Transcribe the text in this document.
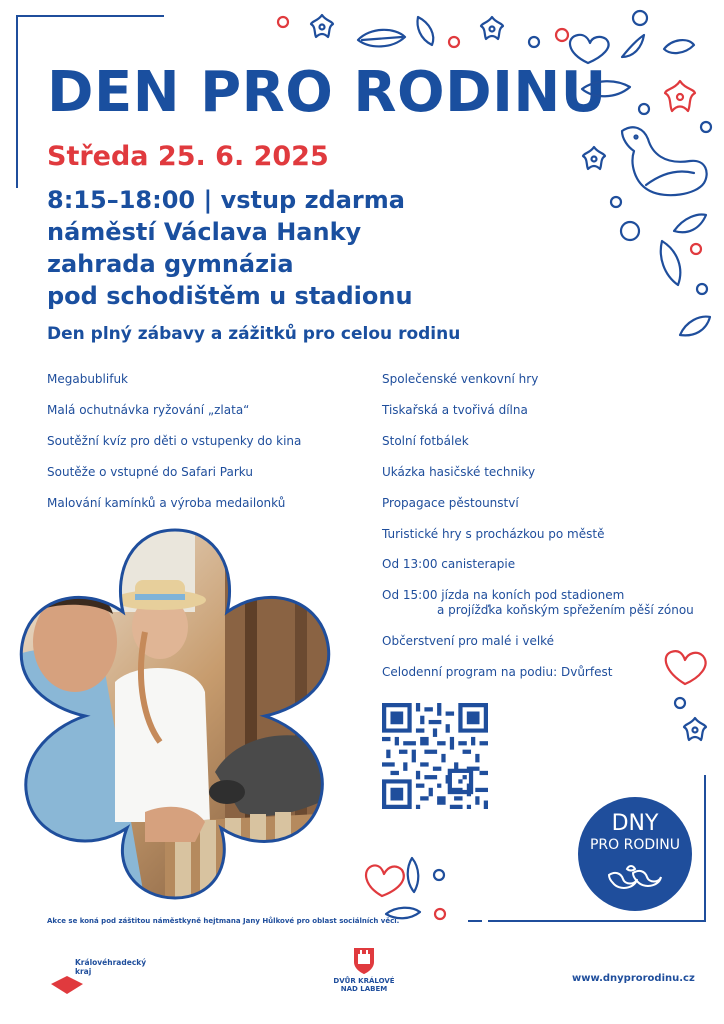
DEN PRO RODINU
Středa 25. 6. 2025
8:15–18:00 | vstup zdarma
náměstí Václava Hanky
zahrada gymnázia
pod schodištěm u stadionu
Den plný zábavy a zážitků pro celou rodinu
Megabublifuk
Malá ochutnávka ryžování „zlata“
Soutěžní kvíz pro děti o vstupenky do kina
Soutěže o vstupné do Safari Parku
Malování kamínků a výroba medailonků
Společenské venkovní hry
Tiskařská a tvořivá dílna
Stolní fotbálek
Ukázka hasičské techniky
Propagace pěstounství
Turistické hry s procházkou po městě
Od 13:00 canisterapie
Od 15:00 jízda na koních pod stadionem
a projížďka koňským spřežením pěší zónou
Občerstvení pro malé i velké
Celodenní program na podiu: Dvůrfest
DNY
PRO RODINU
Akce se koná pod záštitou náměstkyně hejtmana Jany Hůlkové pro oblast sociálních věcí.
Královéhradecký
kraj
DVŮR KRÁLOVÉ
NAD LABEM
www.dnyprorodinu.cz
